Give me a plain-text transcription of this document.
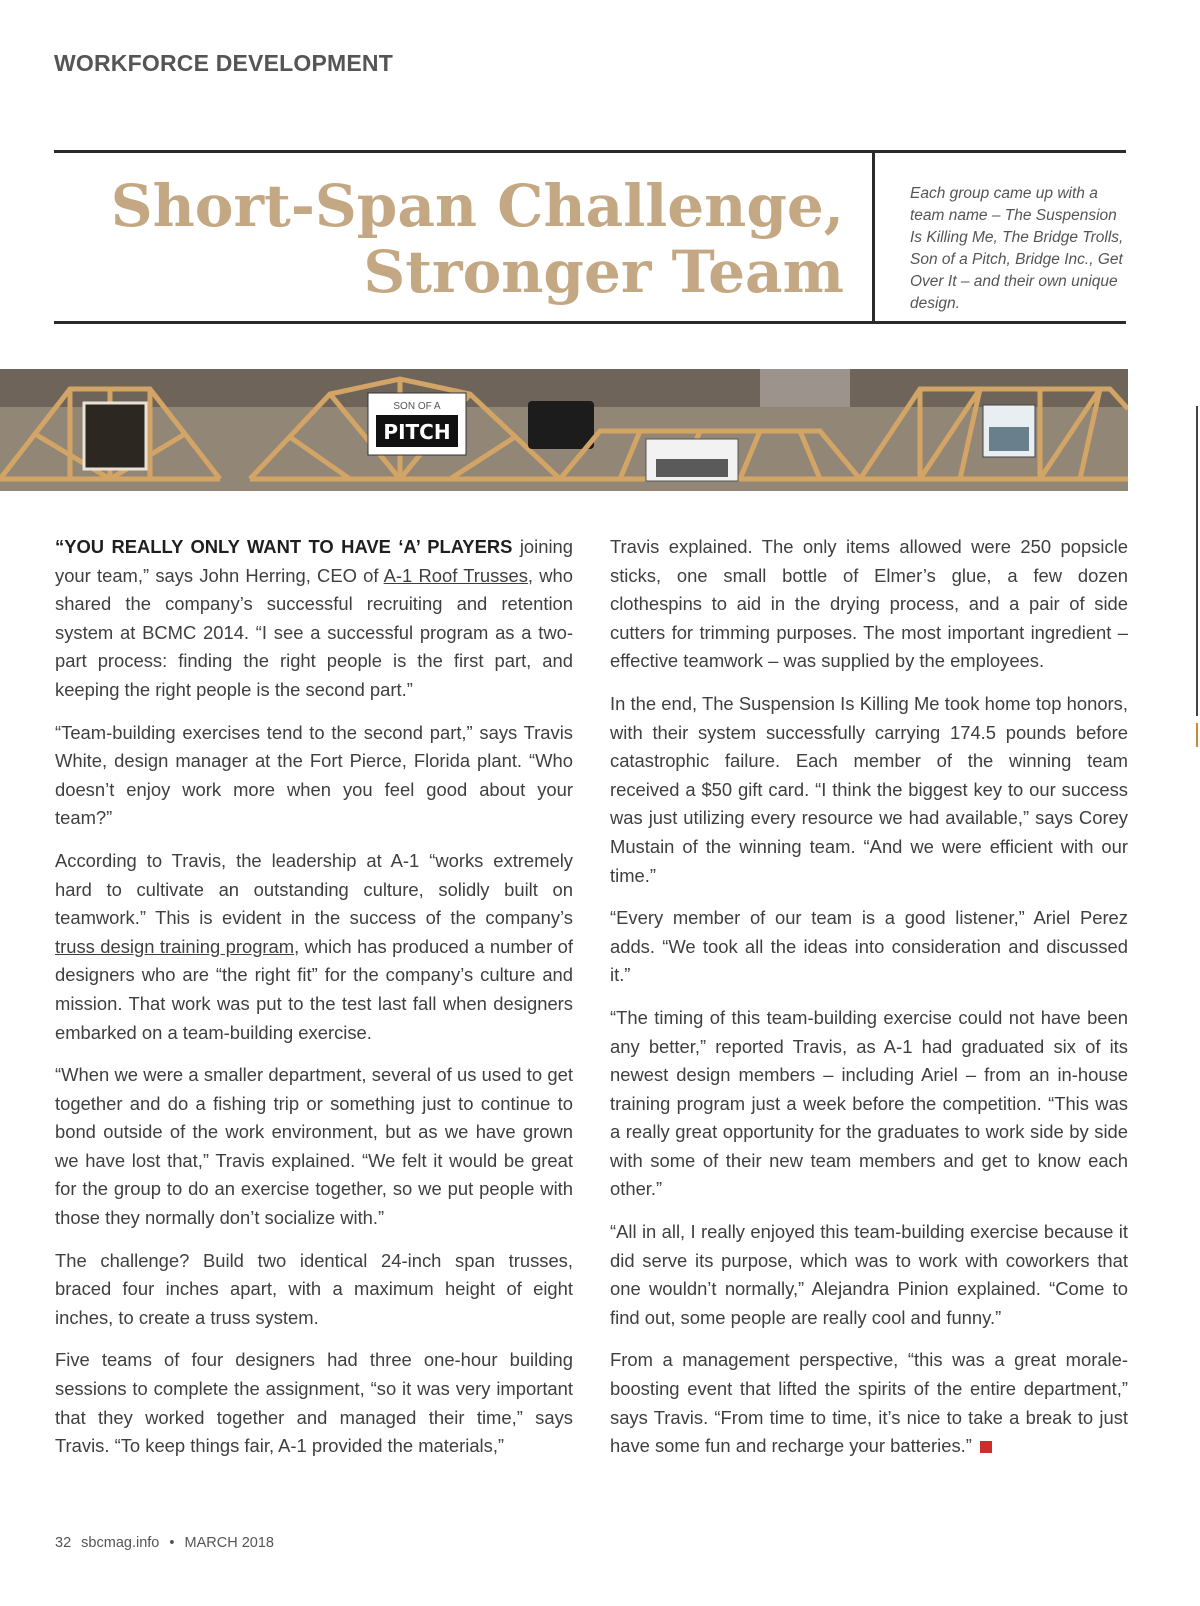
WORKFORCE DEVELOPMENT
Short-Span Challenge,
Stronger Team
Each group came up with a team name – The Suspension Is Killing Me, The Bridge Trolls, Son of a Pitch, Bridge Inc., Get Over It – and their own unique design.
SON OF A
PITCH

“YOU REALLY ONLY WANT TO HAVE ‘A’ PLAYERS joining your team,” says John Herring, CEO of A-1 Roof Trusses, who shared the company’s successful recruiting and retention system at BCMC 2014. “I see a successful program as a two-part process: finding the right people is the first part, and keeping the right people is the second part.”

“Team-building exercises tend to the second part,” says Travis White, design manager at the Fort Pierce, Florida plant. “Who doesn’t enjoy work more when you feel good about your team?”

According to Travis, the leadership at A-1 “works extremely hard to cultivate an outstanding culture, solidly built on teamwork.” This is evident in the success of the company’s truss design training program, which has produced a number of designers who are “the right fit” for the company’s culture and mission. That work was put to the test last fall when designers embarked on a team-building exercise.

“When we were a smaller department, several of us used to get together and do a fishing trip or something just to continue to bond outside of the work environment, but as we have grown we have lost that,” Travis explained. “We felt it would be great for the group to do an exercise together, so we put people with those they normally don’t socialize with.”

The challenge? Build two identical 24-inch span trusses, braced four inches apart, with a maximum height of eight inches, to create a truss system.

Five teams of four designers had three one-hour building sessions to complete the assignment, “so it was very important that they worked together and managed their time,” says Travis. “To keep things fair, A-1 provided the materials,”

Travis explained. The only items allowed were 250 popsicle sticks, one small bottle of Elmer’s glue, a few dozen clothespins to aid in the drying process, and a pair of side cutters for trimming purposes. The most important ingredient – effective teamwork – was supplied by the employees.

In the end, The Suspension Is Killing Me took home top honors, with their system successfully carrying 174.5 pounds before catastrophic failure. Each member of the winning team received a $50 gift card. “I think the biggest key to our success was just utilizing every resource we had available,” says Corey Mustain of the winning team. “And we were efficient with our time.”

“Every member of our team is a good listener,” Ariel Perez adds. “We took all the ideas into consideration and discussed it.”

“The timing of this team-building exercise could not have been any better,” reported Travis, as A-1 had graduated six of its newest design members – including Ariel – from an in-house training program just a week before the competition. “This was a really great opportunity for the graduates to work side by side with some of their new team members and get to know each other.”

“All in all, I really enjoyed this team-building exercise because it did serve its purpose, which was to work with coworkers that one wouldn’t normally,” Alejandra Pinion explained. “Come to find out, some people are really cool and funny.”

From a management perspective, “this was a great morale-boosting event that lifted the spirits of the entire department,” says Travis. “From time to time, it’s nice to take a break to just have some fun and recharge your batteries.”

32 sbcmag.info • MARCH 2018
